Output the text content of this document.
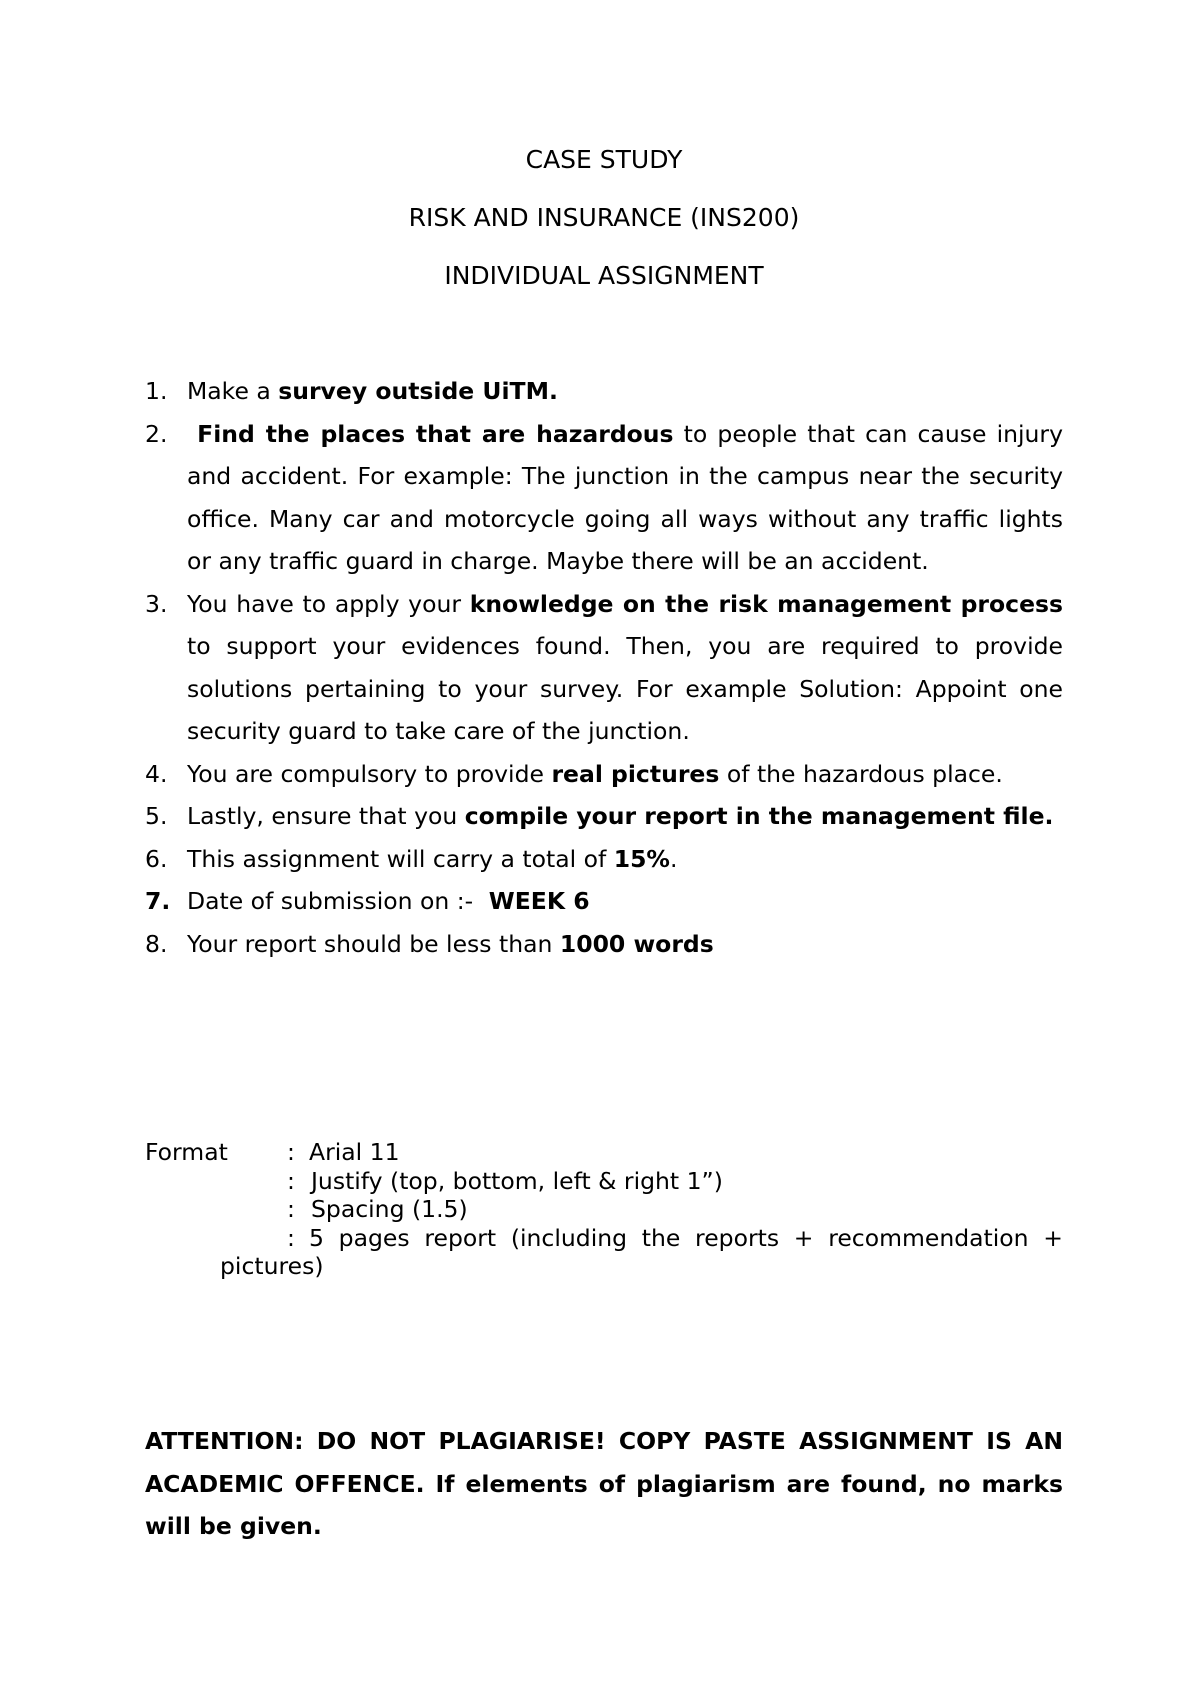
CASE STUDY
RISK AND INSURANCE (INS200)
INDIVIDUAL ASSIGNMENT
1. Make a survey outside UiTM.
2. Find the places that are hazardous to people that can cause injury and accident. For example: The junction in the campus near the security office. Many car and motorcycle going all ways without any traffic lights or any traffic guard in charge. Maybe there will be an accident.
3. You have to apply your knowledge on the risk management process to support your evidences found. Then, you are required to provide solutions pertaining to your survey. For example Solution: Appoint one security guard to take care of the junction.
4. You are compulsory to provide real pictures of the hazardous place.
5. Lastly, ensure that you compile your report in the management file.
6. This assignment will carry a total of 15%.
7. Date of submission on :-  WEEK 6
8. Your report should be less than 1000 words
Format	: Arial 11
: Justify (top, bottom, left & right 1”)
: Spacing (1.5)
: 5 pages report (including the reports + recommendation + pictures)
ATTENTION: DO NOT PLAGIARISE! COPY PASTE ASSIGNMENT IS AN ACADEMIC OFFENCE. If elements of plagiarism are found, no marks will be given.
